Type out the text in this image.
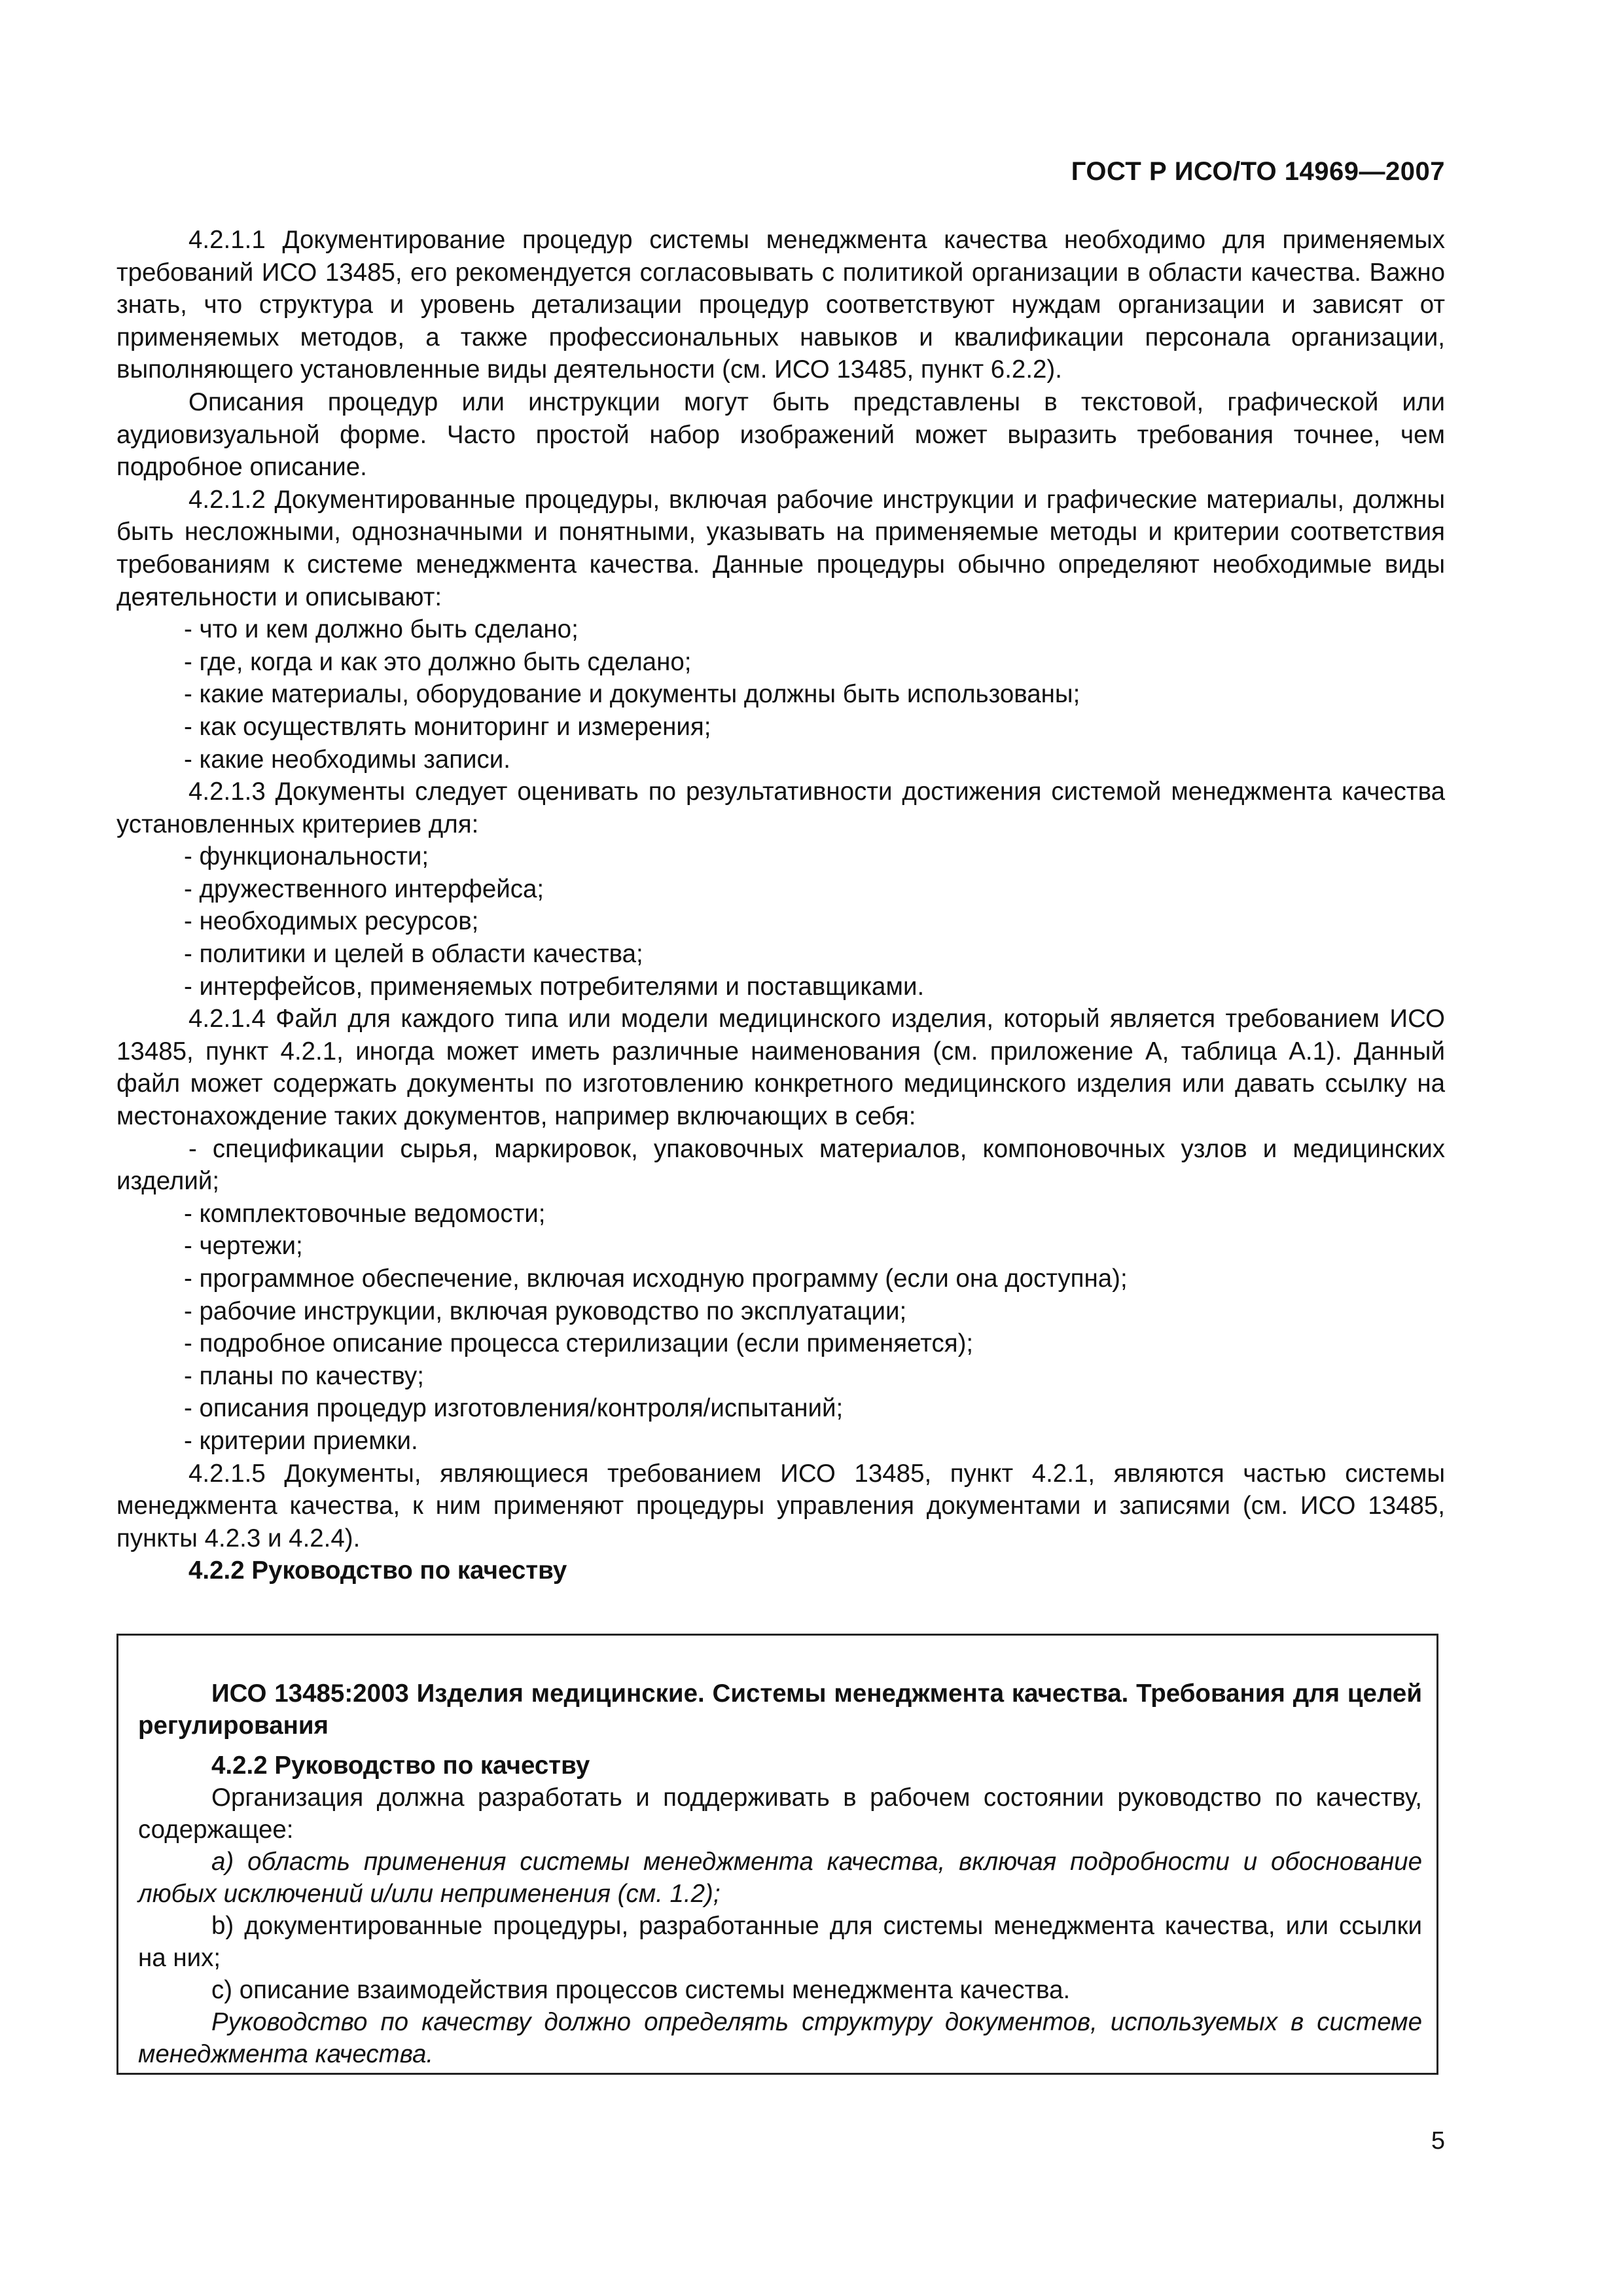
ГОСТ Р ИСО/ТО 14969—2007

4.2.1.1 Документирование процедур системы менеджмента качества необходимо для применяемых требований ИСО 13485, его рекомендуется согласовывать с политикой организации в области качества. Важно знать, что структура и уровень детализации процедур соответствуют нуждам организации и зависят от применяемых методов, а также профессиональных навыков и квалификации персонала организации, выполняющего установленные виды деятельности (см. ИСО 13485, пункт 6.2.2).

Описания процедур или инструкции могут быть представлены в текстовой, графической или аудиовизуальной форме. Часто простой набор изображений может выразить требования точнее, чем подробное описание.

4.2.1.2 Документированные процедуры, включая рабочие инструкции и графические материалы, должны быть несложными, однозначными и понятными, указывать на применяемые методы и критерии соответствия требованиям к системе менеджмента качества. Данные процедуры обычно определяют необходимые виды деятельности и описывают:

- что и кем должно быть сделано;

- где, когда и как это должно быть сделано;

- какие материалы, оборудование и документы должны быть использованы;

- как осуществлять мониторинг и измерения;

- какие необходимы записи.

4.2.1.3 Документы следует оценивать по результативности достижения системой менеджмента качества установленных критериев для:

- функциональности;

- дружественного интерфейса;

- необходимых ресурсов;

- политики и целей в области качества;

- интерфейсов, применяемых потребителями и поставщиками.

4.2.1.4 Файл для каждого типа или модели медицинского изделия, который является требованием ИСО 13485, пункт 4.2.1, иногда может иметь различные наименования (см. приложение А, таблица А.1). Данный файл может содержать документы по изготовлению конкретного медицинского изделия или давать ссылку на местонахождение таких документов, например включающих в себя:

- спецификации сырья, маркировок, упаковочных материалов, компоновочных узлов и медицинских изделий;

- комплектовочные ведомости;

- чертежи;

- программное обеспечение, включая исходную программу (если она доступна);

- рабочие инструкции, включая руководство по эксплуатации;

- подробное описание процесса стерилизации (если применяется);

- планы по качеству;

- описания процедур изготовления/контроля/испытаний;

- критерии приемки.

4.2.1.5 Документы, являющиеся требованием ИСО 13485, пункт 4.2.1, являются частью системы менеджмента качества, к ним применяют процедуры управления документами и записями (см. ИСО 13485, пункты 4.2.3 и 4.2.4).

4.2.2 Руководство по качеству

ИСО 13485:2003 Изделия медицинские. Системы менеджмента качества. Требования для целей регулирования

4.2.2 Руководство по качеству

Организация должна разработать и поддерживать в рабочем состоянии руководство по качеству, содержащее:

а) область применения системы менеджмента качества, включая подробности и обоснование любых исключений и/или неприменения (см. 1.2);

b) документированные процедуры, разработанные для системы менеджмента качества, или ссылки на них;

с) описание взаимодействия процессов системы менеджмента качества.

Руководство по качеству должно определять структуру документов, используемых в системе менеджмента качества.

5
